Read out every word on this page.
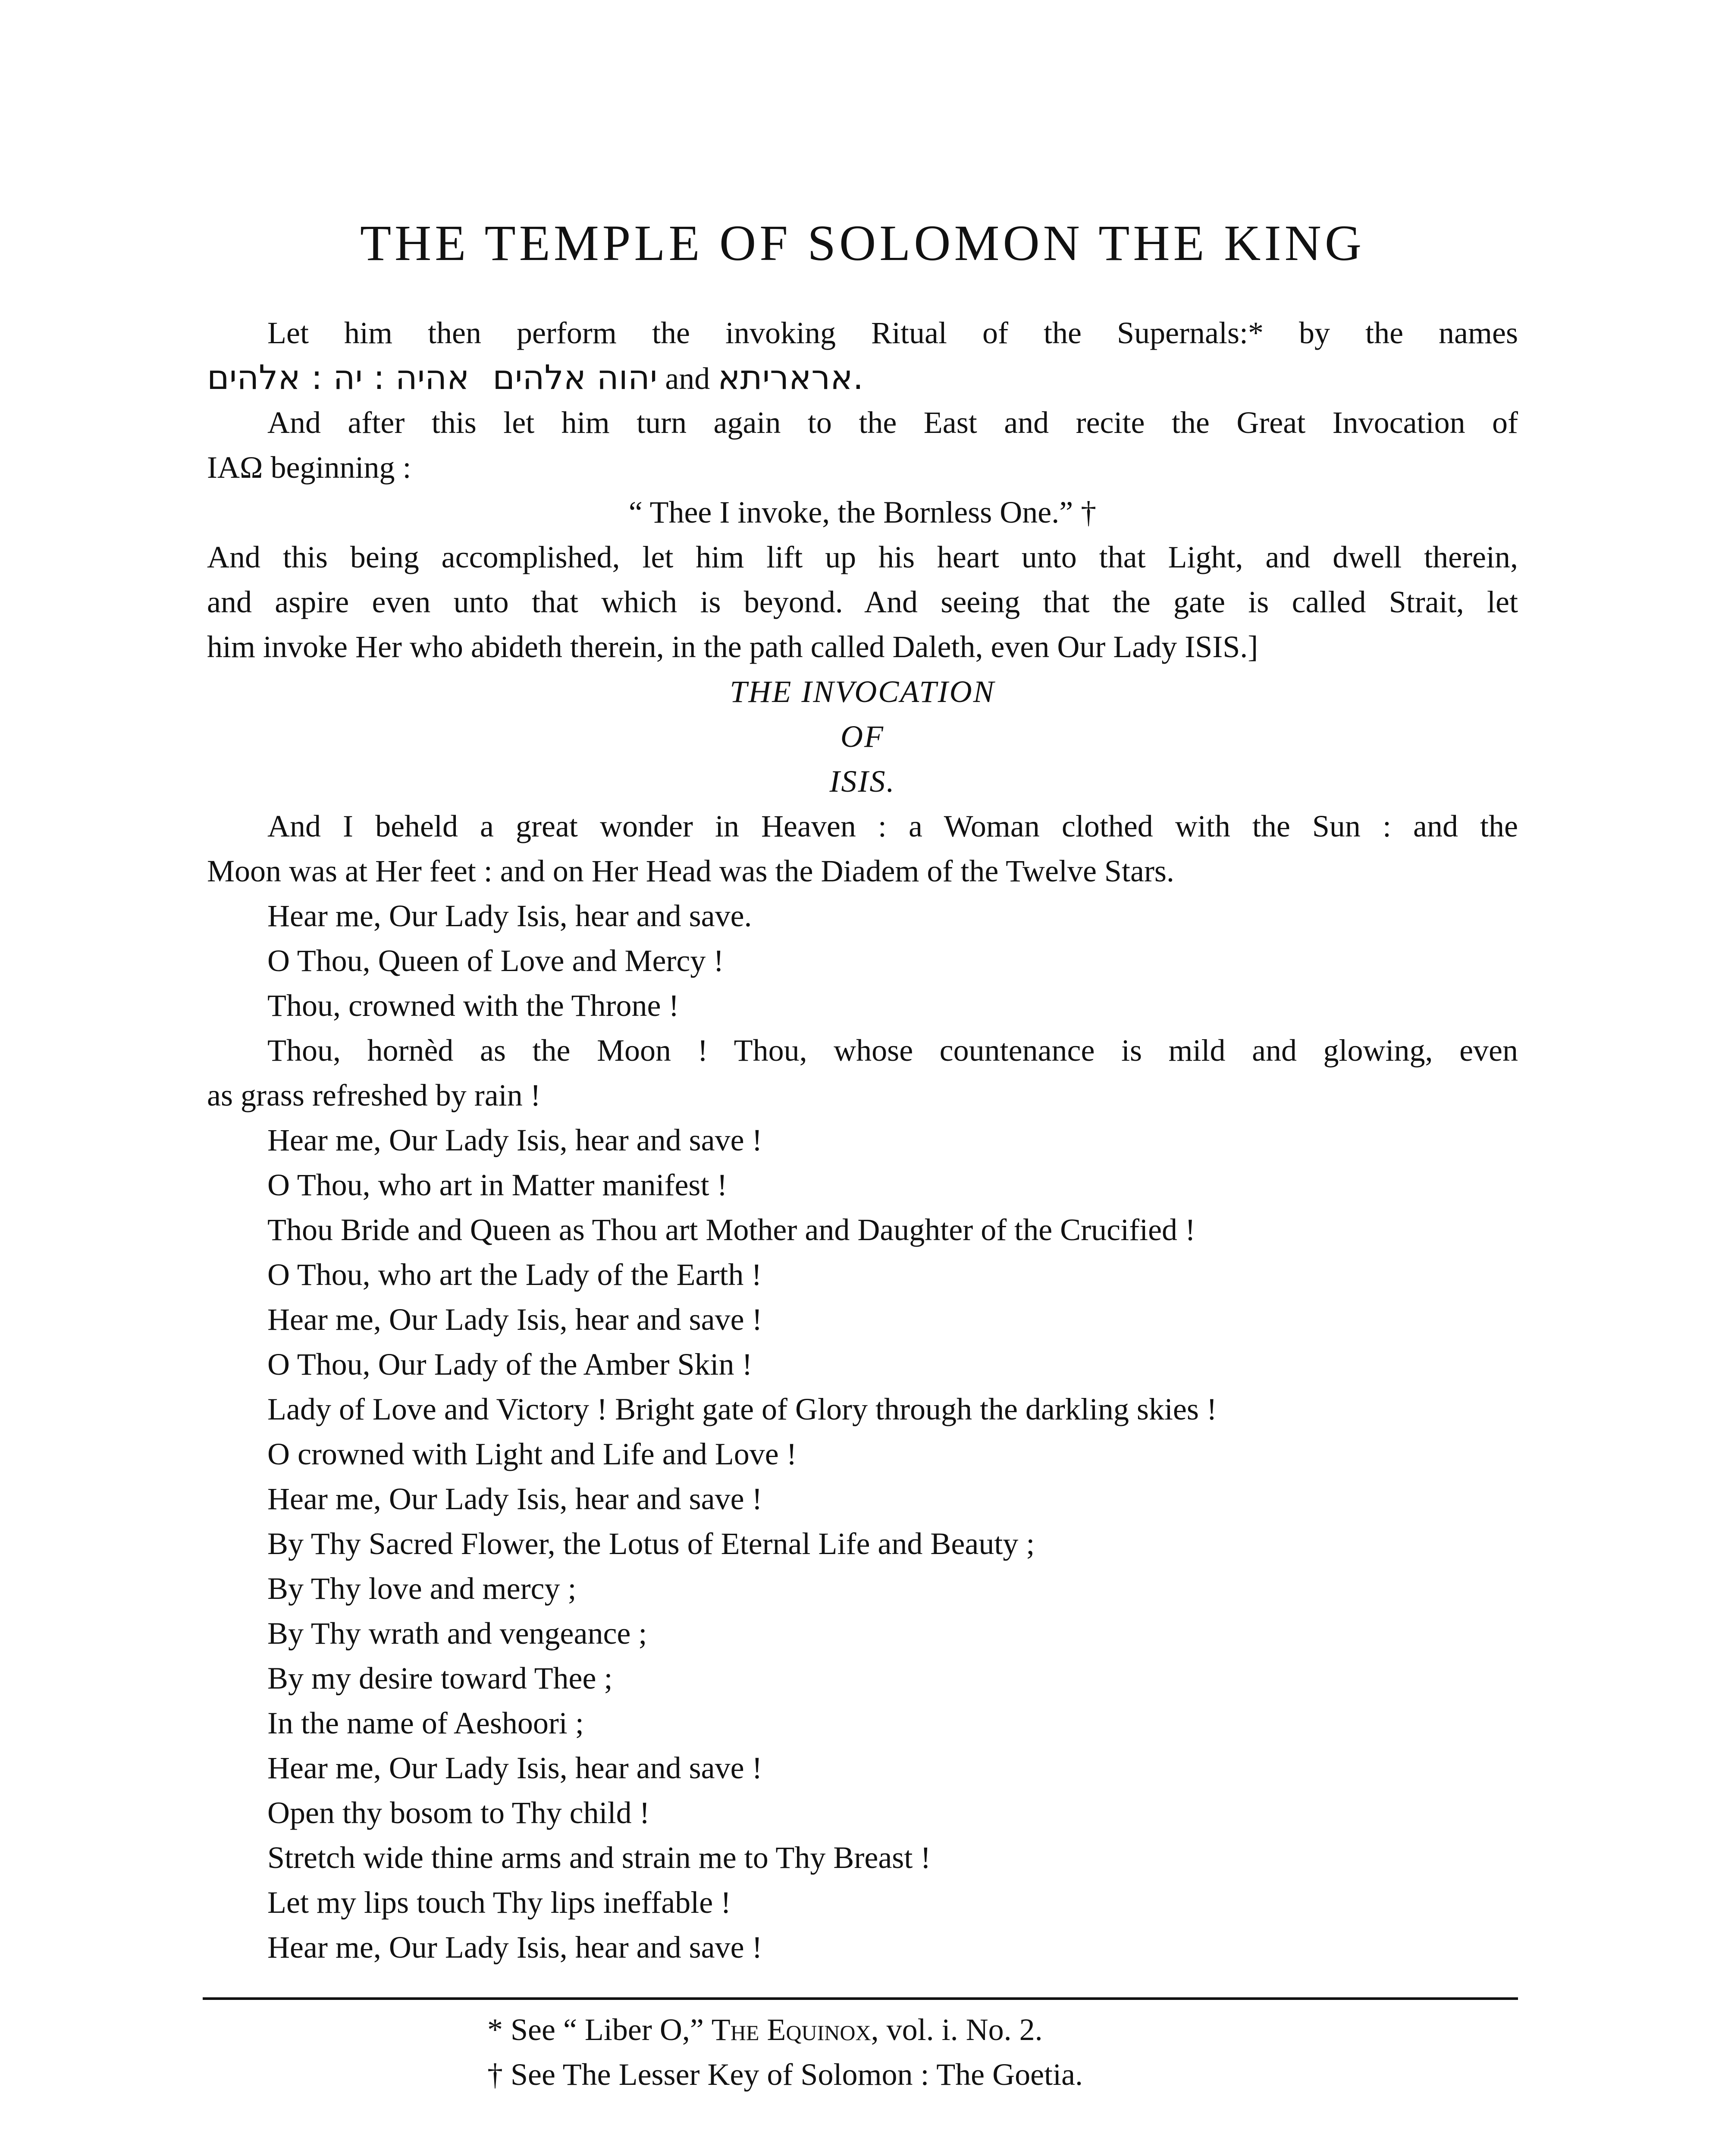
THE TEMPLE OF SOLOMON THE KING
Let him then perform the invoking Ritual of the Supernals:* by the names
אהיה : יה : אלהים יהוה אלהים and אראריתא.
And after this let him turn again to the East and recite the Great Invocation of
IAΩ beginning :
“ Thee I invoke, the Bornless One.” †
And this being accomplished, let him lift up his heart unto that Light, and dwell therein,
and aspire even unto that which is beyond. And seeing that the gate is called Strait, let
him invoke Her who abideth therein, in the path called Daleth, even Our Lady ISIS.]
THE INVOCATION
OF
ISIS.
And I beheld a great wonder in Heaven : a Woman clothed with the Sun : and the
Moon was at Her feet : and on Her Head was the Diadem of the Twelve Stars.
Hear me, Our Lady Isis, hear and save.
O Thou, Queen of Love and Mercy !
Thou, crowned with the Throne !
Thou, hornèd as the Moon ! Thou, whose countenance is mild and glowing, even
as grass refreshed by rain !
Hear me, Our Lady Isis, hear and save !
O Thou, who art in Matter manifest !
Thou Bride and Queen as Thou art Mother and Daughter of the Crucified !
O Thou, who art the Lady of the Earth !
Hear me, Our Lady Isis, hear and save !
O Thou, Our Lady of the Amber Skin !
Lady of Love and Victory ! Bright gate of Glory through the darkling skies !
O crowned with Light and Life and Love !
Hear me, Our Lady Isis, hear and save !
By Thy Sacred Flower, the Lotus of Eternal Life and Beauty ;
By Thy love and mercy ;
By Thy wrath and vengeance ;
By my desire toward Thee ;
In the name of Aeshoori ;
Hear me, Our Lady Isis, hear and save !
Open thy bosom to Thy child !
Stretch wide thine arms and strain me to Thy Breast !
Let my lips touch Thy lips ineffable !
Hear me, Our Lady Isis, hear and save !
* See “ Liber O,” The Equinox, vol. i. No. 2.
† See The Lesser Key of Solomon : The Goetia.
